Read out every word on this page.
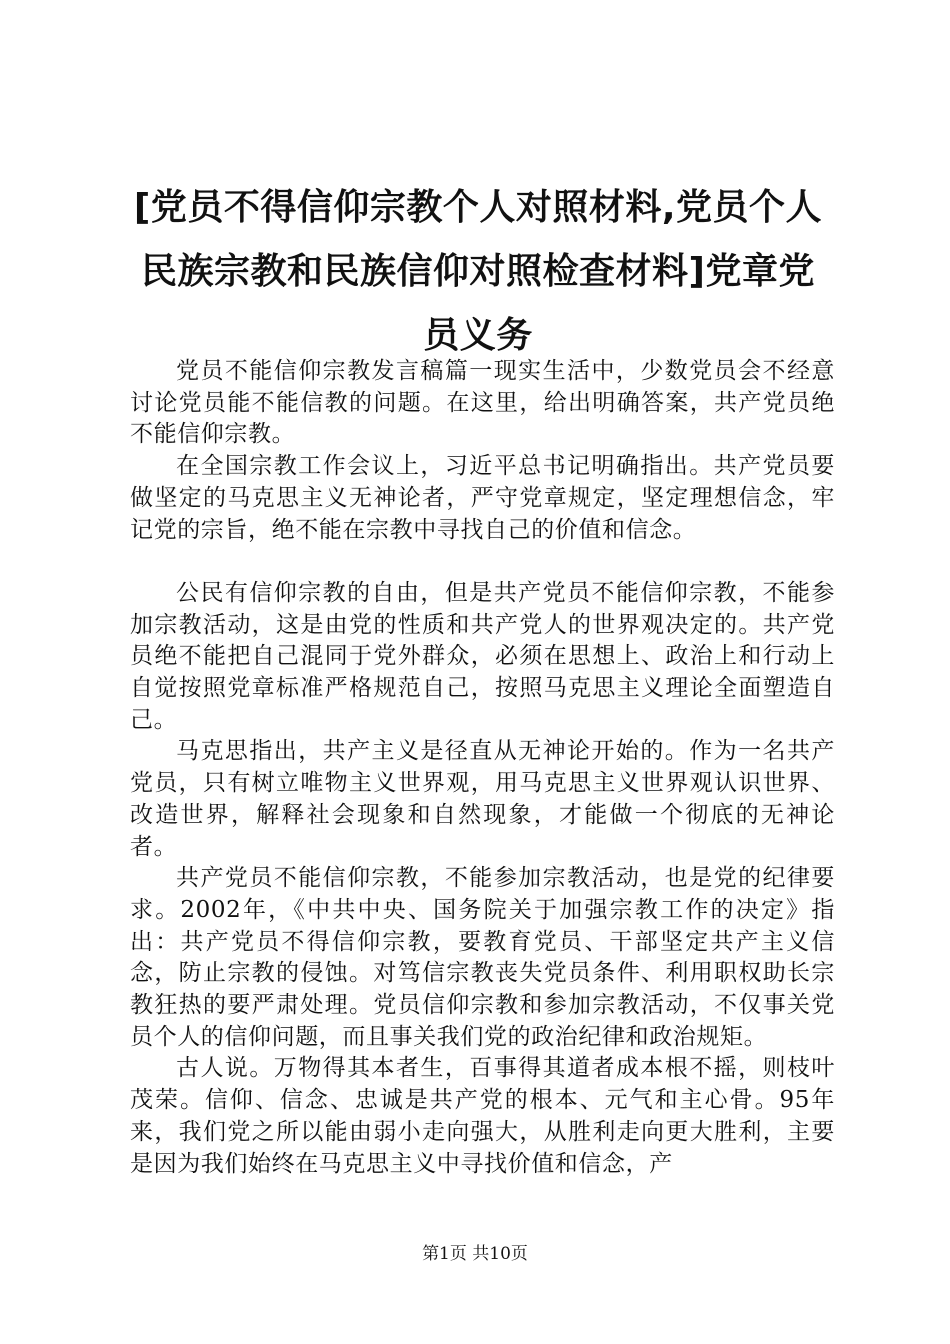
[党员不得信仰宗教个人对照材料,党员个人民族宗教和民族信仰对照检查材料]党章党员义务

党员不能信仰宗教发言稿篇一现实生活中，少数党员会不经意讨论党员能不能信教的问题。在这里，给出明确答案，共产党员绝不能信仰宗教。

在全国宗教工作会议上，习近平总书记明确指出。共产党员要做坚定的马克思主义无神论者，严守党章规定，坚定理想信念，牢记党的宗旨，绝不能在宗教中寻找自己的价值和信念。

公民有信仰宗教的自由，但是共产党员不能信仰宗教，不能参加宗教活动，这是由党的性质和共产党人的世界观决定的。共产党员绝不能把自己混同于党外群众，必须在思想上、政治上和行动上自觉按照党章标准严格规范自己，按照马克思主义理论全面塑造自己。

马克思指出，共产主义是径直从无神论开始的。作为一名共产党员，只有树立唯物主义世界观，用马克思主义世界观认识世界、改造世界，解释社会现象和自然现象，才能做一个彻底的无神论者。

共产党员不能信仰宗教，不能参加宗教活动，也是党的纪律要求。2002年，《中共中央、国务院关于加强宗教工作的决定》指出：共产党员不得信仰宗教，要教育党员、干部坚定共产主义信念，防止宗教的侵蚀。对笃信宗教丧失党员条件、利用职权助长宗教狂热的要严肃处理。党员信仰宗教和参加宗教活动，不仅事关党员个人的信仰问题，而且事关我们党的政治纪律和政治规矩。

古人说。万物得其本者生，百事得其道者成本根不摇，则枝叶茂荣。信仰、信念、忠诚是共产党的根本、元气和主心骨。95年来，我们党之所以能由弱小走向强大，从胜利走向更大胜利，主要是因为我们始终在马克思主义中寻找价值和信念，产

第1页 共10页
